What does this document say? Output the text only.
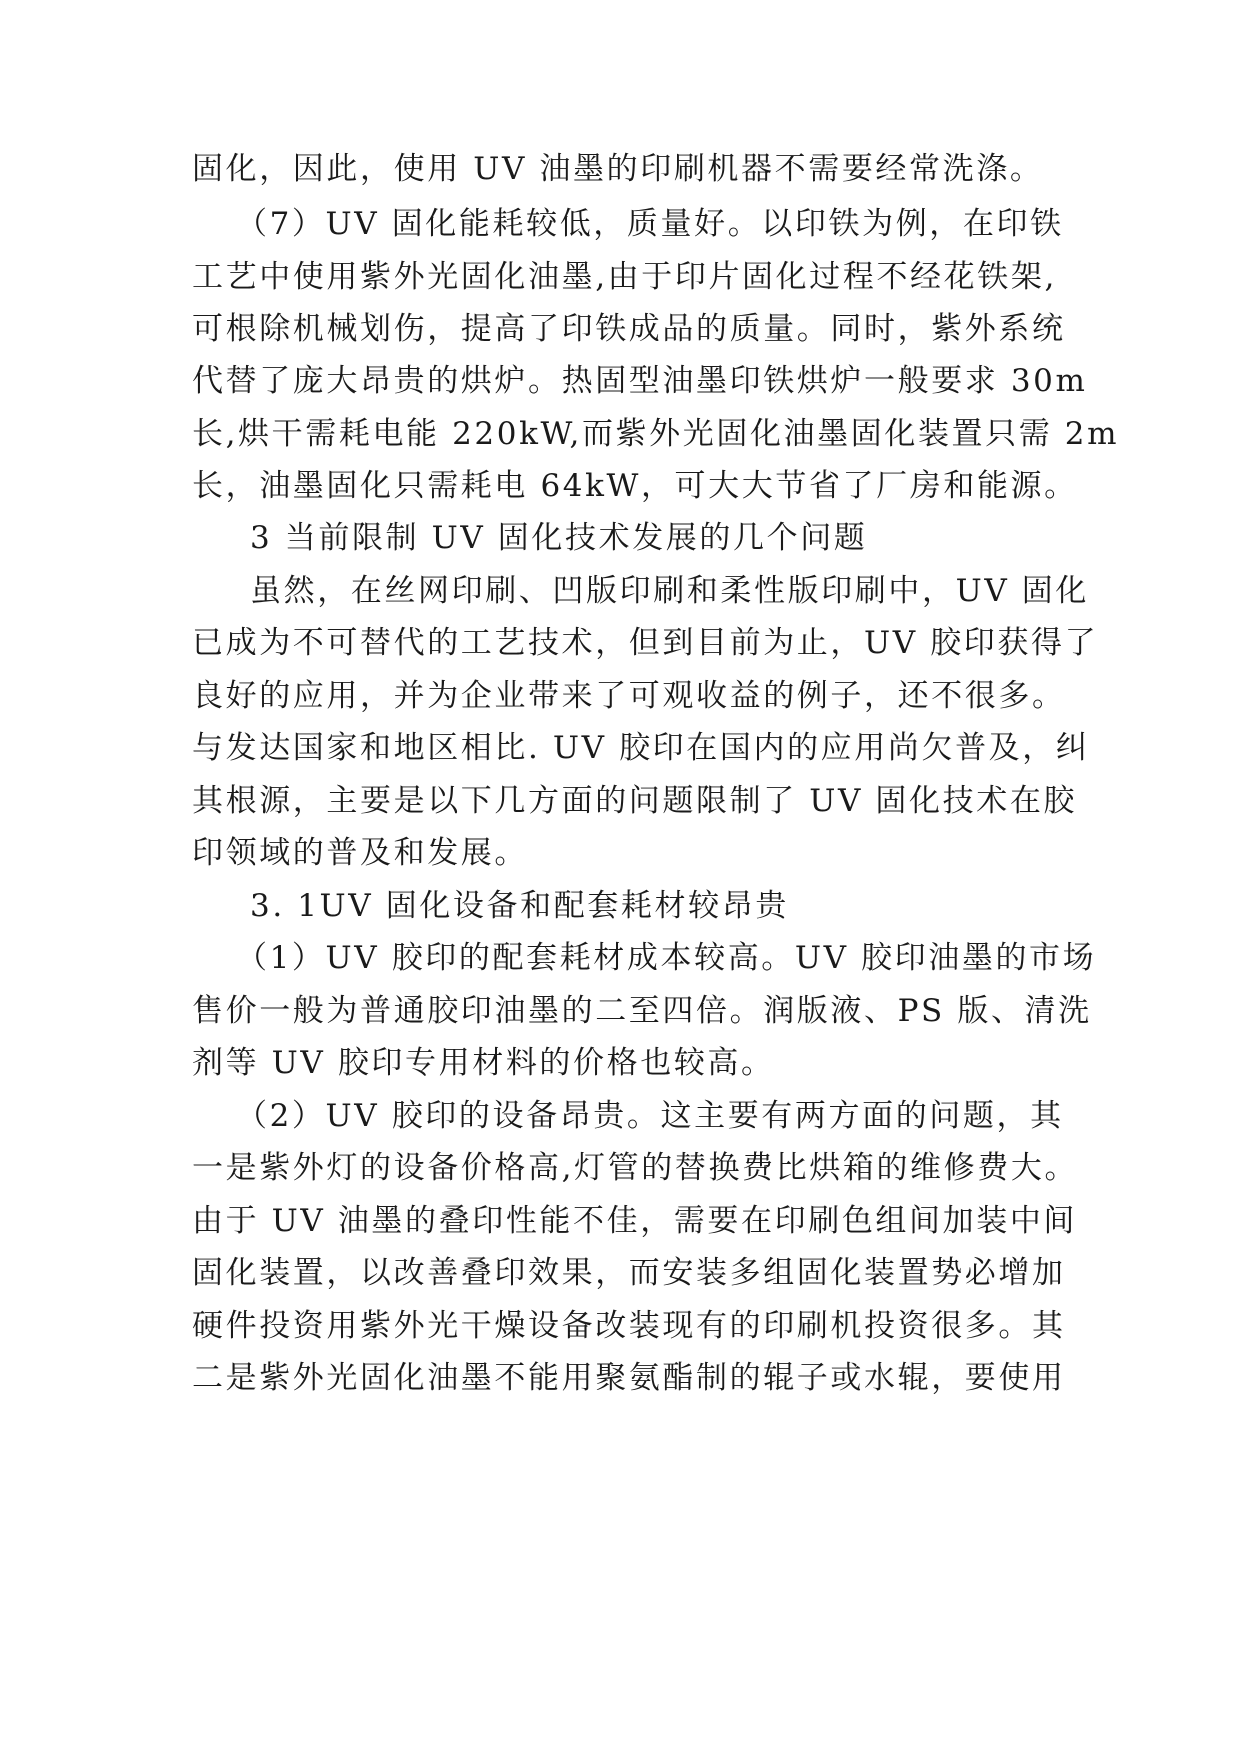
固化，因此，使用 UV 油墨的印刷机器不需要经常洗涤。
（7）UV 固化能耗较低，质量好。以印铁为例，在印铁
工艺中使用紫外光固化油墨,由于印片固化过程不经花铁架,
可根除机械划伤，提高了印铁成品的质量。同时，紫外系统
代替了庞大昂贵的烘炉。热固型油墨印铁烘炉一般要求 30m
长,烘干需耗电能 220kW,而紫外光固化油墨固化装置只需 2m
长，油墨固化只需耗电 64kW，可大大节省了厂房和能源。
3 当前限制 UV 固化技术发展的几个问题
虽然，在丝网印刷、凹版印刷和柔性版印刷中，UV 固化
已成为不可替代的工艺技术，但到目前为止，UV 胶印获得了
良好的应用，并为企业带来了可观收益的例子，还不很多。
与发达国家和地区相比. UV 胶印在国内的应用尚欠普及，纠
其根源，主要是以下几方面的问题限制了 UV 固化技术在胶
印领域的普及和发展。
3. 1UV 固化设备和配套耗材较昂贵
（1）UV 胶印的配套耗材成本较高。UV 胶印油墨的市场
售价一般为普通胶印油墨的二至四倍。润版液、PS 版、清洗
剂等 UV 胶印专用材料的价格也较高。
（2）UV 胶印的设备昂贵。这主要有两方面的问题，其
一是紫外灯的设备价格高,灯管的替换费比烘箱的维修费大。
由于 UV 油墨的叠印性能不佳，需要在印刷色组间加装中间
固化装置，以改善叠印效果，而安装多组固化装置势必增加
硬件投资用紫外光干燥设备改装现有的印刷机投资很多。其
二是紫外光固化油墨不能用聚氨酯制的辊子或水辊，要使用
